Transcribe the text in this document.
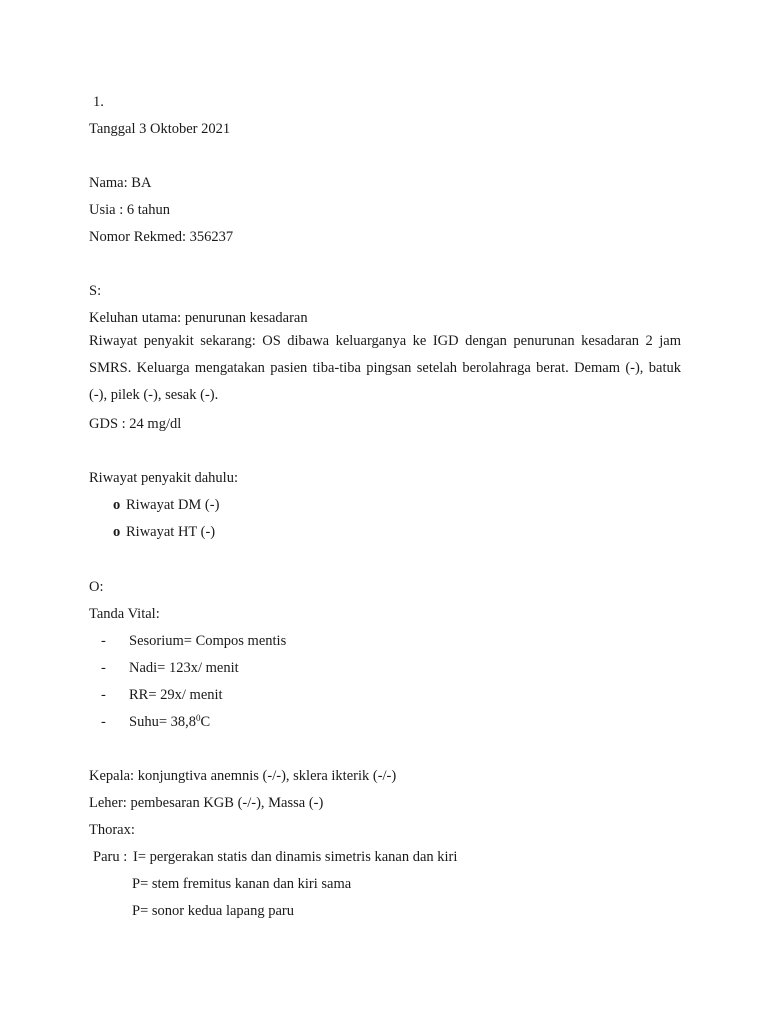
1.
Tanggal 3 Oktober 2021
Nama: BA
Usia : 6 tahun
Nomor Rekmed: 356237
S:
Keluhan utama: penurunan kesadaran
Riwayat penyakit sekarang: OS dibawa keluarganya ke IGD dengan penurunan kesadaran 2 jam SMRS. Keluarga mengatakan pasien tiba-tiba pingsan setelah berolahraga berat. Demam (-), batuk (-), pilek (-), sesak (-).
GDS : 24 mg/dl
Riwayat penyakit dahulu:
o Riwayat DM (-)
o Riwayat HT (-)
O:
Tanda Vital:
- Sesorium= Compos mentis
- Nadi= 123x/ menit
- RR= 29x/ menit
- Suhu= $38,8^0C$
Kepala: konjungtiva anemnis (-/-), sklera ikterik (-/-)
Leher: pembesaran KGB (-/-), Massa (-)
Thorax:
Paru : I= pergerakan statis dan dinamis simetris kanan dan kiri
P= stem fremitus kanan dan kiri sama
P= sonor kedua lapang paru
